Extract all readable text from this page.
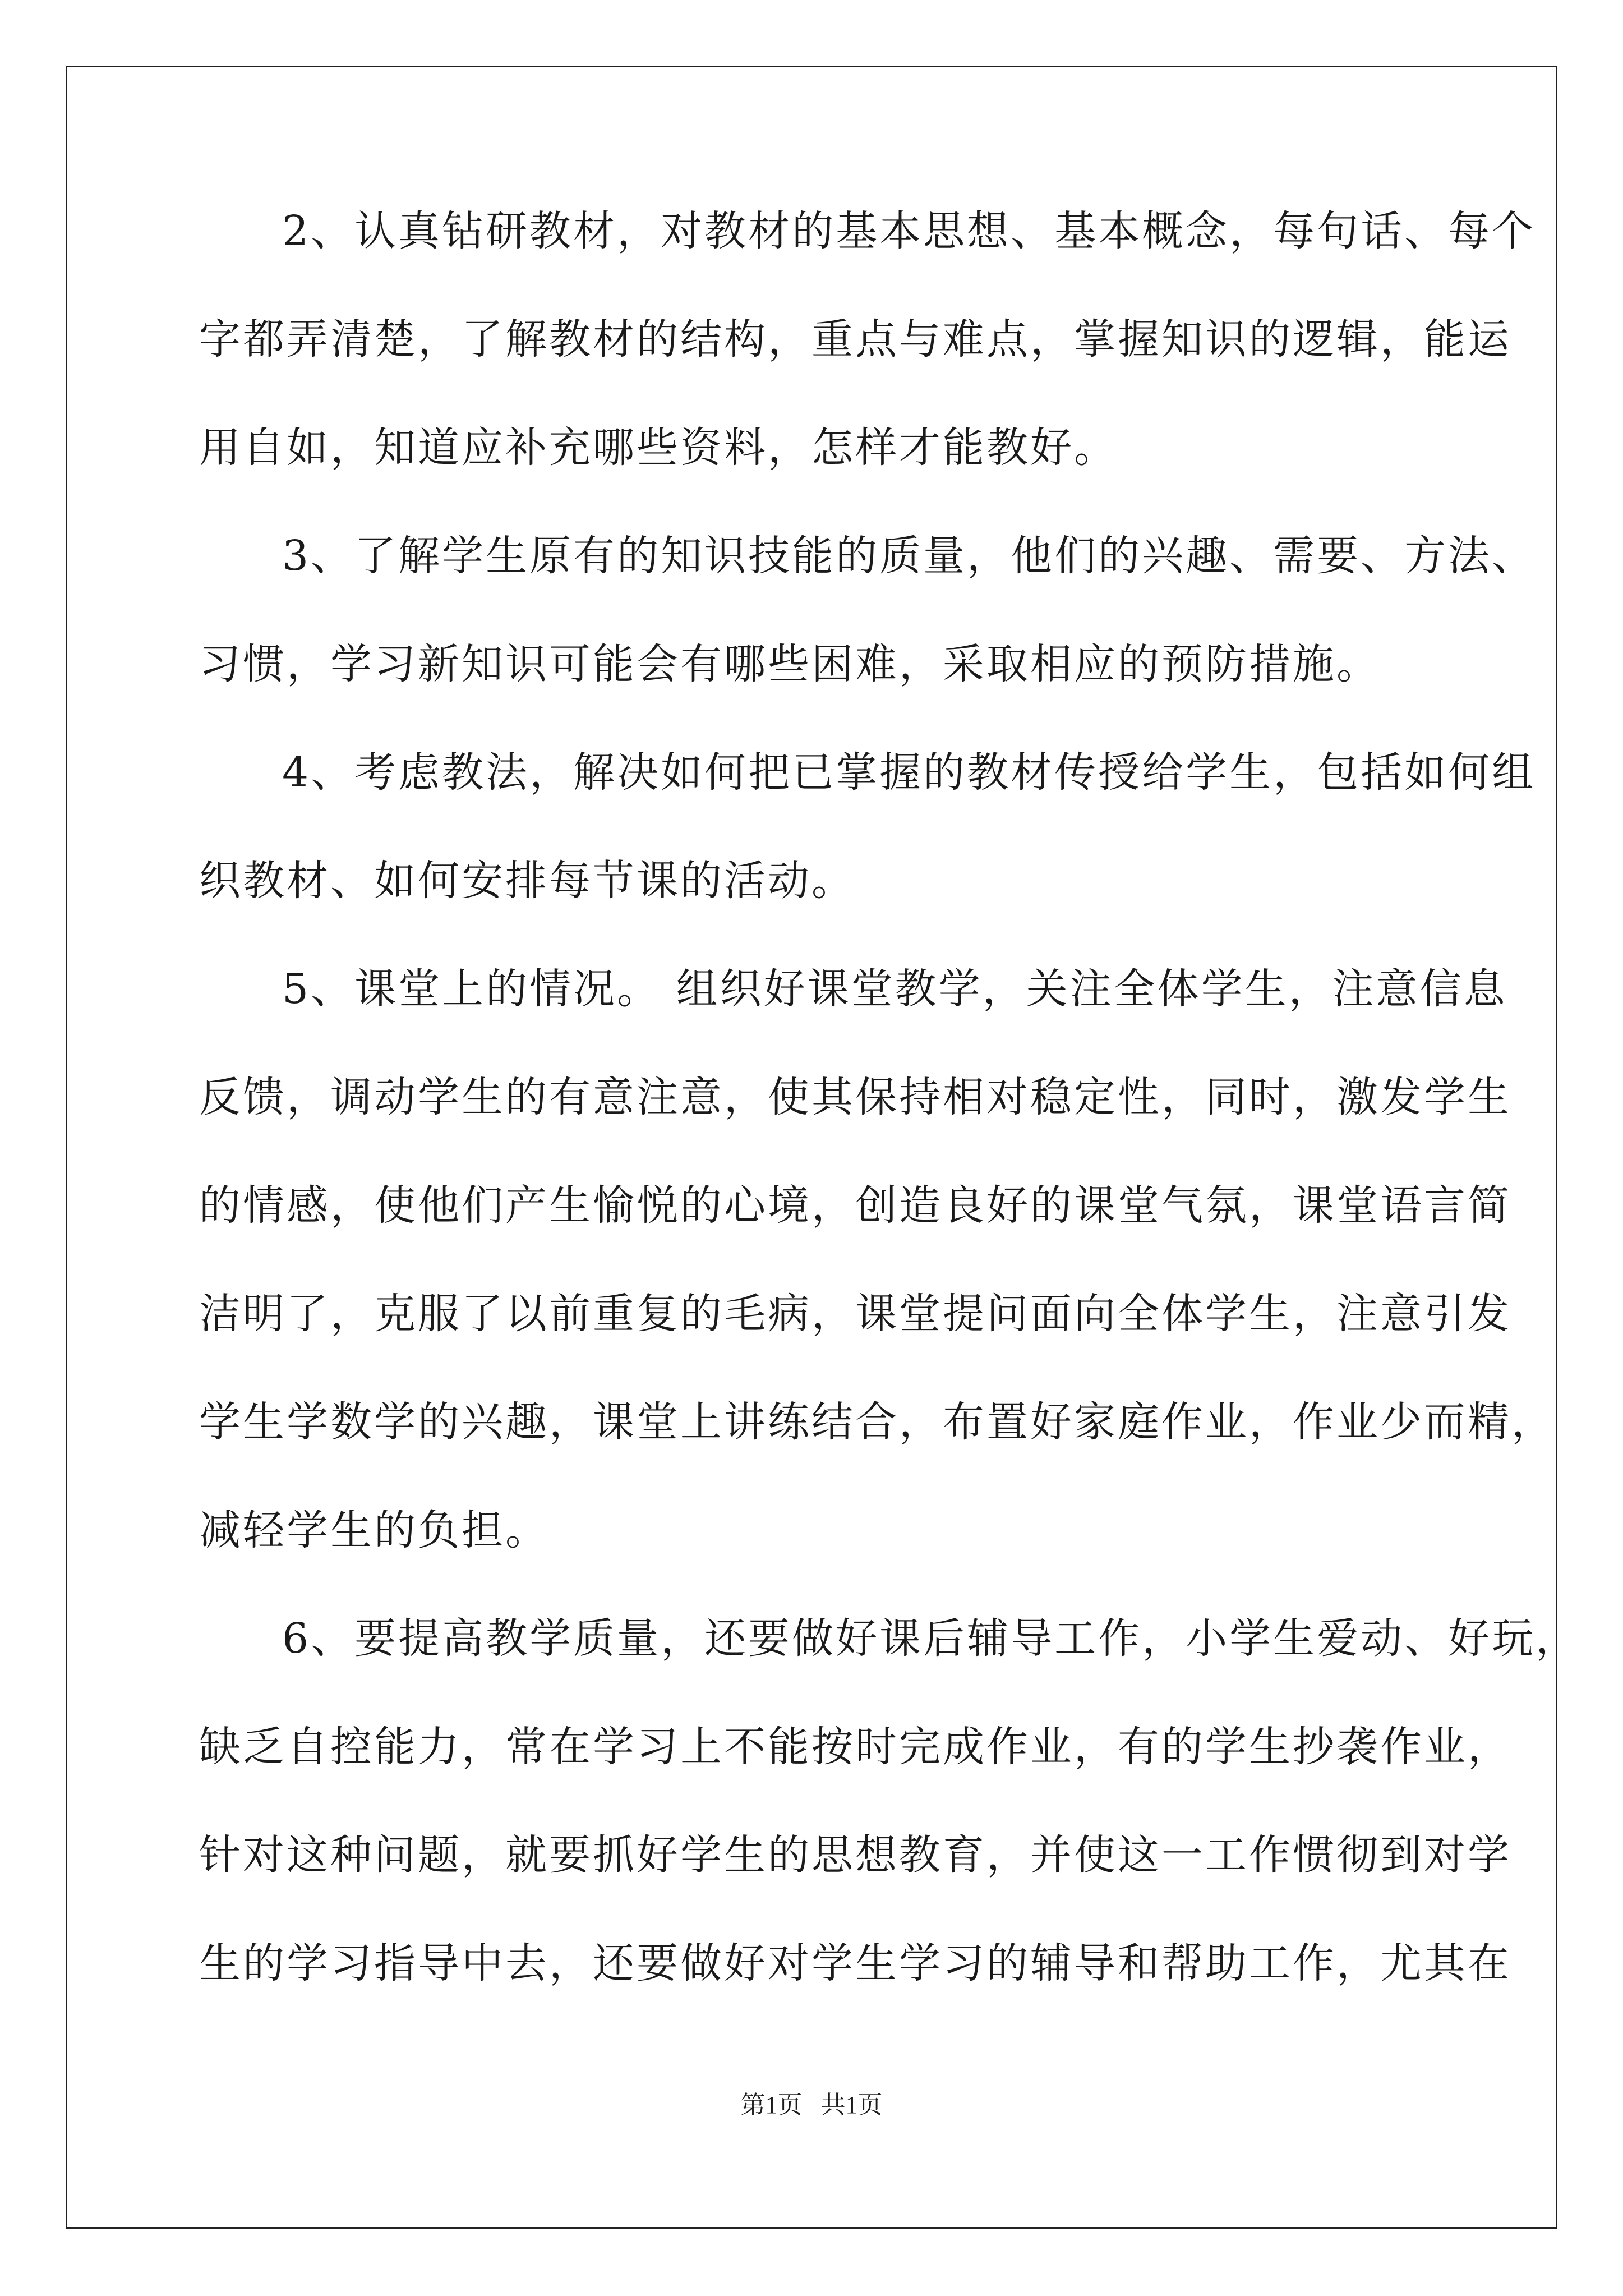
2、认真钻研教材，对教材的基本思想、基本概念，每句话、每个
字都弄清楚，了解教材的结构，重点与难点，掌握知识的逻辑，能运
用自如，知道应补充哪些资料，怎样才能教好。
3、了解学生原有的知识技能的质量，他们的兴趣、需要、方法、
习惯，学习新知识可能会有哪些困难，采取相应的预防措施。
4、考虑教法，解决如何把已掌握的教材传授给学生，包括如何组
织教材、如何安排每节课的活动。
5、课堂上的情况。 组织好课堂教学，关注全体学生，注意信息
反馈，调动学生的有意注意，使其保持相对稳定性，同时，激发学生
的情感，使他们产生愉悦的心境，创造良好的课堂气氛，课堂语言简
洁明了，克服了以前重复的毛病，课堂提问面向全体学生，注意引发
学生学数学的兴趣，课堂上讲练结合，布置好家庭作业，作业少而精，
减轻学生的负担。
6、要提高教学质量，还要做好课后辅导工作，小学生爱动、好玩，
缺乏自控能力，常在学习上不能按时完成作业，有的学生抄袭作业，
针对这种问题，就要抓好学生的思想教育，并使这一工作惯彻到对学
生的学习指导中去，还要做好对学生学习的辅导和帮助工作，尤其在
第1页   共1页
